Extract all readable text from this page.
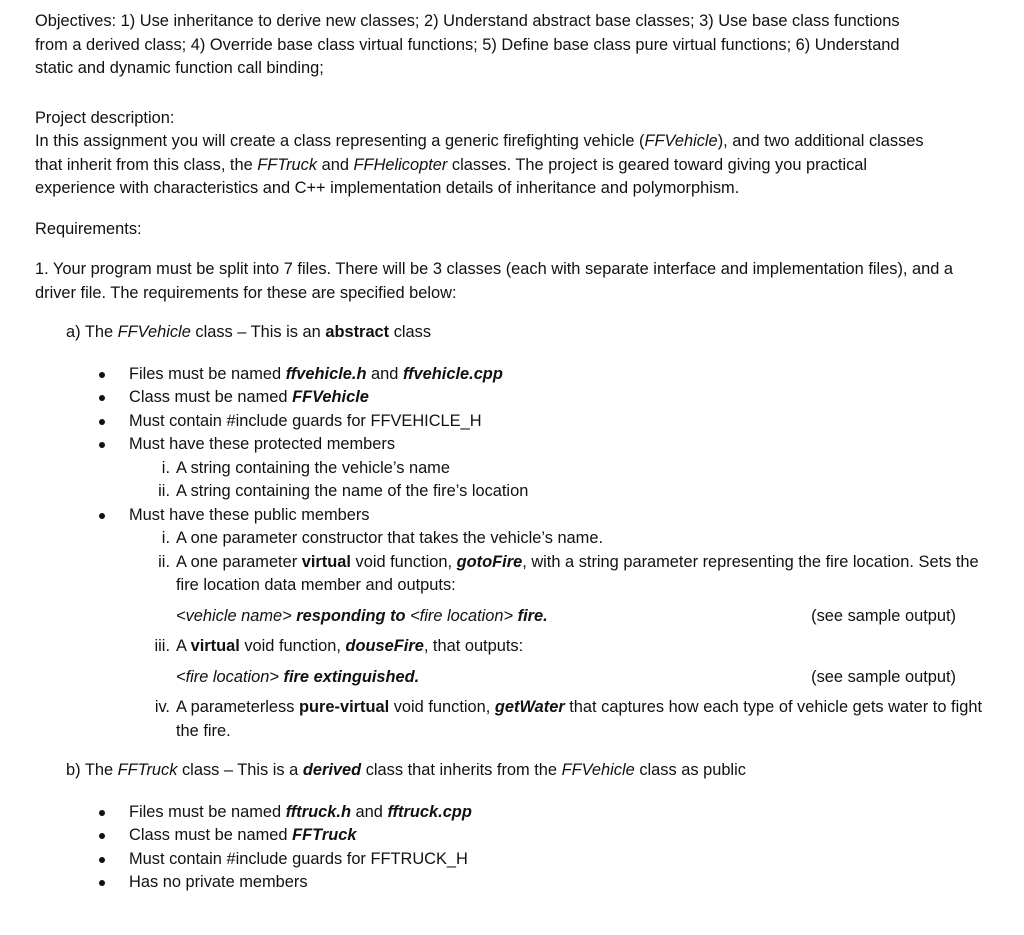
Objectives: 1) Use inheritance to derive new classes; 2) Understand abstract base classes; 3) Use base class functions from a derived class; 4) Override base class virtual functions; 5) Define base class pure virtual functions; 6) Understand static and dynamic function call binding;

Project description:

In this assignment you will create a class representing a generic firefighting vehicle (FFVehicle), and two additional classes that inherit from this class, the FFTruck and FFHelicopter classes. The project is geared toward giving you practical experience with characteristics and C++ implementation details of inheritance and polymorphism.

Requirements:

1. Your program must be split into 7 files. There will be 3 classes (each with separate interface and implementation files), and a driver file. The requirements for these are specified below:

a) The FFVehicle class – This is an abstract class

Files must be named ffvehicle.h and ffvehicle.cpp
Class must be named FFVehicle
Must contain #include guards for FFVEHICLE_H
Must have these protected members
i. A string containing the vehicle’s name
ii. A string containing the name of the fire’s location
Must have these public members
i. A one parameter constructor that takes the vehicle’s name.
ii. A one parameter virtual void function, gotoFire, with a string parameter representing the fire location. Sets the fire location data member and outputs:
<vehicle name> responding to <fire location> fire.	(see sample output)
iii. A virtual void function, douseFire, that outputs:
<fire location> fire extinguished.	(see sample output)
iv. A parameterless pure-virtual void function, getWater that captures how each type of vehicle gets water to fight the fire.

b) The FFTruck class – This is a derived class that inherits from the FFVehicle class as public

Files must be named fftruck.h and fftruck.cpp
Class must be named FFTruck
Must contain #include guards for FFTRUCK_H
Has no private members
